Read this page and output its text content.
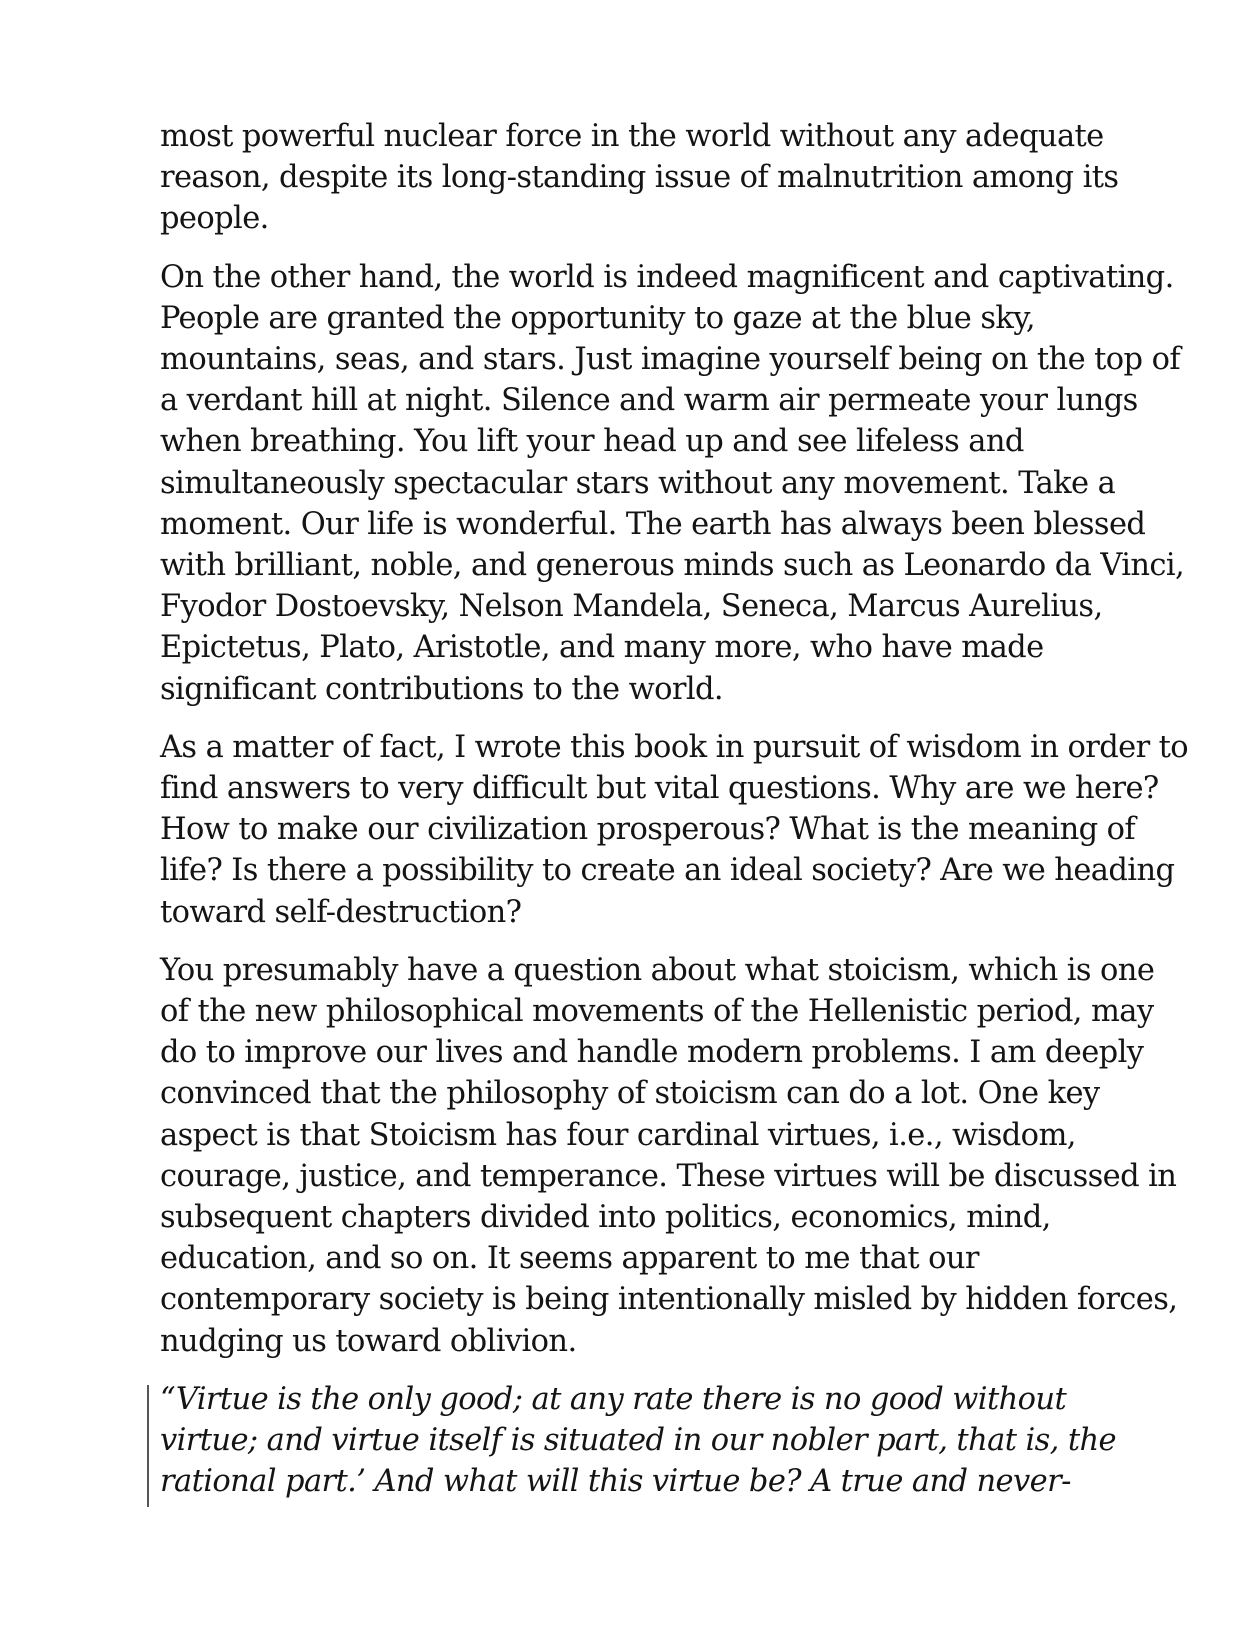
most powerful nuclear force in the world without any adequate
reason, despite its long-standing issue of malnutrition among its
people.

On the other hand, the world is indeed magnificent and captivating.
People are granted the opportunity to gaze at the blue sky,
mountains, seas, and stars. Just imagine yourself being on the top of
a verdant hill at night. Silence and warm air permeate your lungs
when breathing. You lift your head up and see lifeless and
simultaneously spectacular stars without any movement. Take a
moment. Our life is wonderful. The earth has always been blessed
with brilliant, noble, and generous minds such as Leonardo da Vinci,
Fyodor Dostoevsky, Nelson Mandela, Seneca, Marcus Aurelius,
Epictetus, Plato, Aristotle, and many more, who have made
significant contributions to the world.

As a matter of fact, I wrote this book in pursuit of wisdom in order to
find answers to very difficult but vital questions. Why are we here?
How to make our civilization prosperous? What is the meaning of
life? Is there a possibility to create an ideal society? Are we heading
toward self-destruction?

You presumably have a question about what stoicism, which is one
of the new philosophical movements of the Hellenistic period, may
do to improve our lives and handle modern problems. I am deeply
convinced that the philosophy of stoicism can do a lot. One key
aspect is that Stoicism has four cardinal virtues, i.e., wisdom,
courage, justice, and temperance. These virtues will be discussed in
subsequent chapters divided into politics, economics, mind,
education, and so on. It seems apparent to me that our
contemporary society is being intentionally misled by hidden forces,
nudging us toward oblivion.

“Virtue is the only good; at any rate there is no good without
virtue; and virtue itself is situated in our nobler part, that is, the
rational part.’ And what will this virtue be? A true and never-
